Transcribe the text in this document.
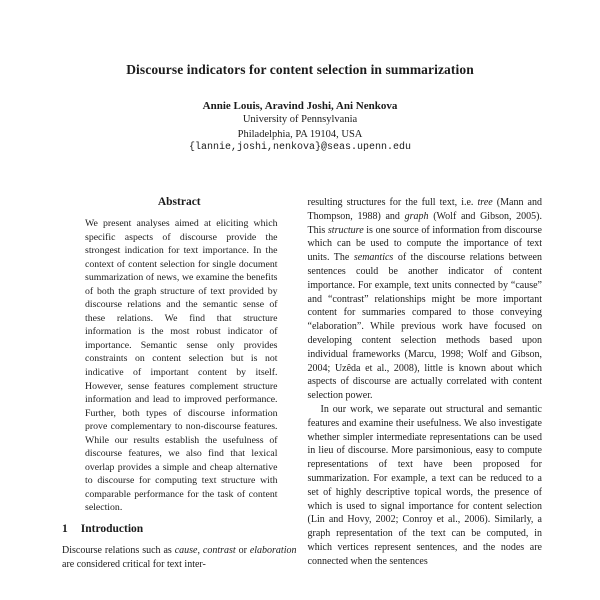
Discourse indicators for content selection in summarization
Annie Louis, Aravind Joshi, Ani Nenkova
University of Pennsylvania
Philadelphia, PA 19104, USA
{lannie,joshi,nenkova}@seas.upenn.edu
Abstract

We present analyses aimed at eliciting which specific aspects of discourse provide the strongest indication for text importance. In the context of content selection for single document summarization of news, we examine the benefits of both the graph structure of text provided by discourse relations and the semantic sense of these relations. We find that structure information is the most robust indicator of importance. Semantic sense only provides constraints on content selection but is not indicative of important content by itself. However, sense features complement structure information and lead to improved performance. Further, both types of discourse information prove complementary to non-discourse features. While our results establish the usefulness of discourse features, we also find that lexical overlap provides a simple and cheap alternative to discourse for computing text structure with comparable performance for the task of content selection.

1 Introduction

Discourse relations such as cause, contrast or elaboration are considered critical for text inter-

resulting structures for the full text, i.e. tree (Mann and Thompson, 1988) and graph (Wolf and Gibson, 2005). This structure is one source of information from discourse which can be used to compute the importance of text units. The semantics of the discourse relations between sentences could be another indicator of content importance. For example, text units connected by “cause” and “contrast” relationships might be more important content for summaries compared to those conveying “elaboration”. While previous work have focused on developing content selection methods based upon individual frameworks (Marcu, 1998; Wolf and Gibson, 2004; Uzêda et al., 2008), little is known about which aspects of discourse are actually correlated with content selection power.

In our work, we separate out structural and semantic features and examine their usefulness. We also investigate whether simpler intermediate representations can be used in lieu of discourse. More parsimonious, easy to compute representations of text have been proposed for summarization. For example, a text can be reduced to a set of highly descriptive topical words, the presence of which is used to signal importance for content selection (Lin and Hovy, 2002; Conroy et al., 2006). Similarly, a graph representation of the text can be computed, in which vertices represent sentences, and the nodes are connected when the sentences
